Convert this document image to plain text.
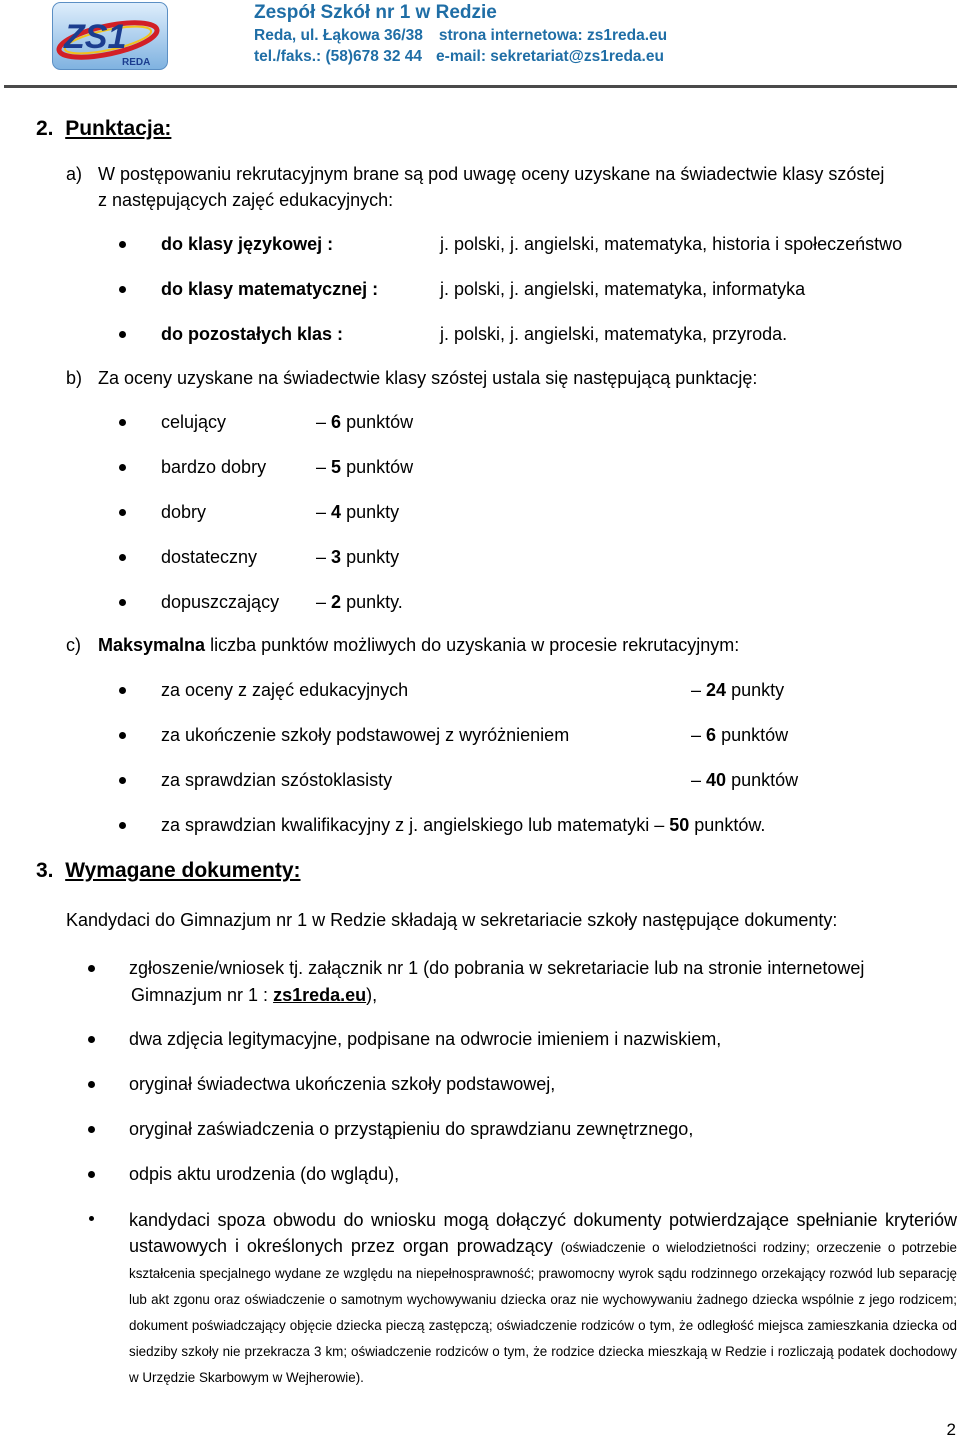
ZS1
REDA
Zespół Szkół nr 1 w Redzie
Reda, ul. Łąkowa 36/38 strona internetowa: zs1reda.eu
tel./faks.: (58)678 32 44 e-mail: sekretariat@zs1reda.eu
2. Punktacja:
a) W postępowaniu rekrutacyjnym brane są pod uwagę oceny uzyskane na świadectwie klasy szóstej
z następujących zajęć edukacyjnych:
do klasy językowej :	j. polski, j. angielski, matematyka, historia i społeczeństwo
do klasy matematycznej :	j. polski, j. angielski, matematyka, informatyka
do pozostałych klas :	j. polski, j. angielski, matematyka, przyroda.
b) Za oceny uzyskane na świadectwie klasy szóstej ustala się następującą punktację:
celujący	– 6 punktów
bardzo dobry	– 5 punktów
dobry	– 4 punkty
dostateczny	– 3 punkty
dopuszczający – 2 punkty.
c) Maksymalna liczba punktów możliwych do uzyskania w procesie rekrutacyjnym:
za oceny z zajęć edukacyjnych	– 24 punkty
za ukończenie szkoły podstawowej z wyróżnieniem	– 6 punktów
za sprawdzian szóstoklasisty	– 40 punktów
za sprawdzian kwalifikacyjny z j. angielskiego lub matematyki – 50 punktów.
3. Wymagane dokumenty:
Kandydaci do Gimnazjum nr 1 w Redzie składają w sekretariacie szkoły następujące dokumenty:
zgłoszenie/wniosek tj. załącznik nr 1 (do pobrania w sekretariacie lub na stronie internetowej
Gimnazjum nr 1 : zs1reda.eu),
dwa zdjęcia legitymacyjne, podpisane na odwrocie imieniem i nazwiskiem,
oryginał świadectwa ukończenia szkoły podstawowej,
oryginał zaświadczenia o przystąpieniu do sprawdzianu zewnętrznego,
odpis aktu urodzenia (do wglądu),
kandydaci spoza obwodu do wniosku mogą dołączyć dokumenty potwierdzające spełnianie kryteriów ustawowych i określonych przez organ prowadzący (oświadczenie o wielodzietności rodziny; orzeczenie o potrzebie kształcenia specjalnego wydane ze względu na niepełnosprawność; prawomocny wyrok sądu rodzinnego orzekający rozwód lub separację lub akt zgonu oraz oświadczenie o samotnym wychowywaniu dziecka oraz nie wychowywaniu żadnego dziecka wspólnie z jego rodzicem; dokument poświadczający objęcie dziecka pieczą zastępczą; oświadczenie rodziców o tym, że odległość miejsca zamieszkania dziecka od siedziby szkoły nie przekracza 3 km; oświadczenie rodziców o tym, że rodzice dziecka mieszkają w Redzie i rozliczają podatek dochodowy w Urzędzie Skarbowym w Wejherowie).
2
